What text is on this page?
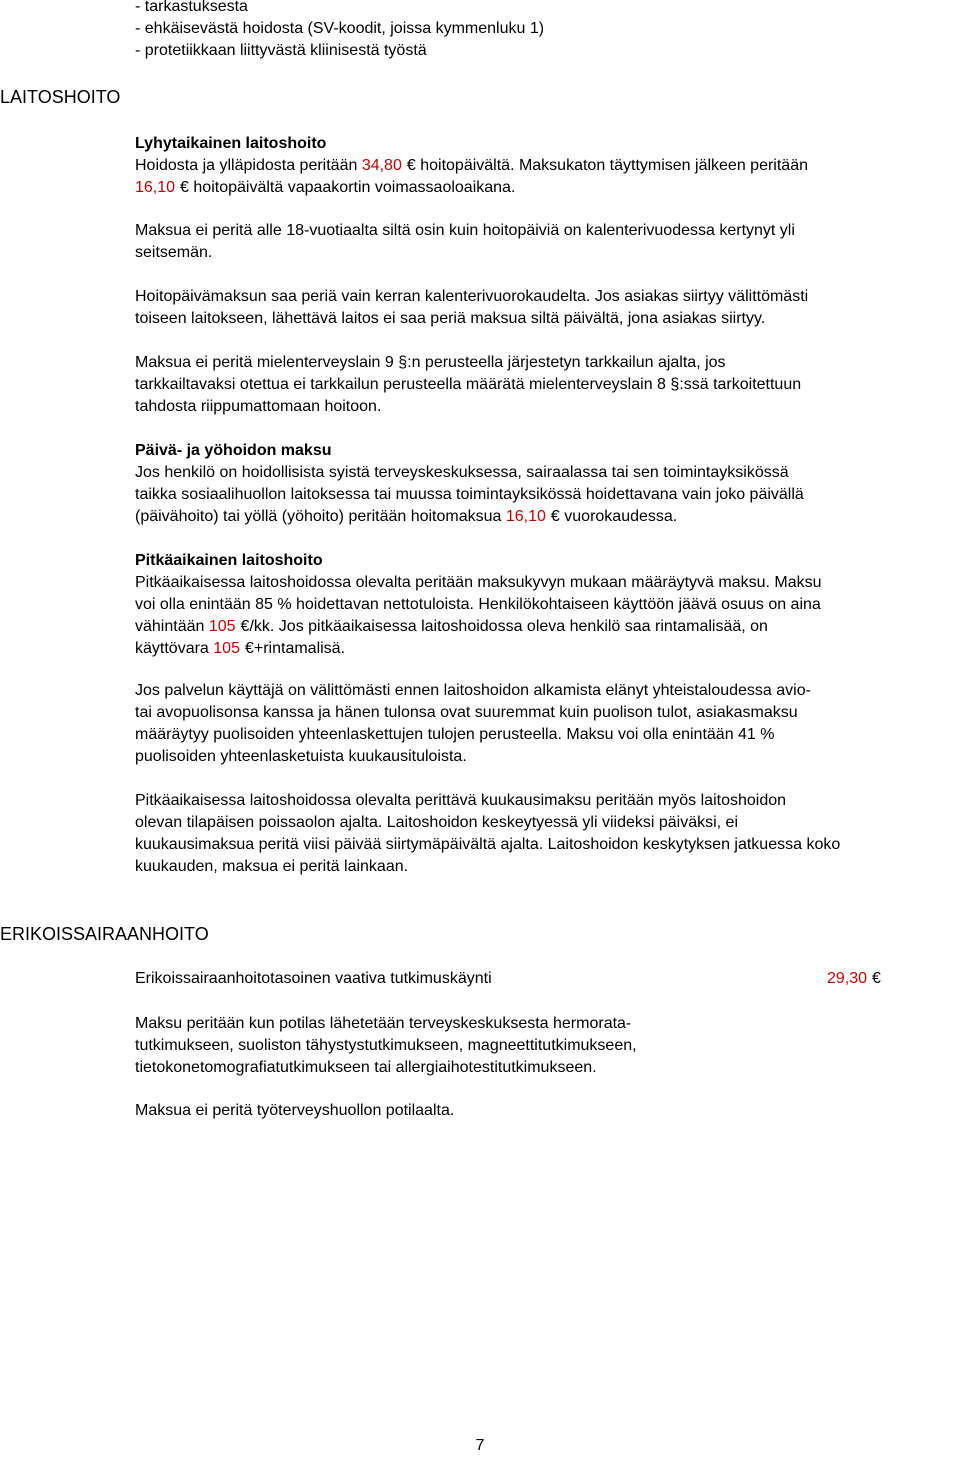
- tarkastuksesta
- ehkäisevästä hoidosta (SV-koodit, joissa kymmenluku 1)
- protetiikkaan liittyvästä kliinisestä työstä
LAITOSHOITO
Lyhytaikainen laitoshoito
Hoidosta ja ylläpidosta peritään 34,80 € hoitopäivältä. Maksukaton täyttymisen jälkeen peritään
16,10 € hoitopäivältä vapaakortin voimassaoloaikana.
Maksua ei peritä alle 18-vuotiaalta siltä osin kuin hoitopäiviä on kalenterivuodessa kertynyt yli
seitsemän.
Hoitopäivämaksun saa periä vain kerran kalenterivuorokaudelta. Jos asiakas siirtyy välittömästi
toiseen laitokseen, lähettävä laitos ei saa periä maksua siltä päivältä, jona asiakas siirtyy.
Maksua ei peritä mielenterveyslain 9 §:n perusteella järjestetyn tarkkailun ajalta, jos
tarkkailtavaksi otettua ei tarkkailun perusteella määrätä mielenterveyslain 8 §:ssä tarkoitettuun
tahdosta riippumattomaan hoitoon.
Päivä- ja yöhoidon maksu
Jos henkilö on hoidollisista syistä terveyskeskuksessa, sairaalassa tai sen toimintayksikössä
taikka sosiaalihuollon laitoksessa tai muussa toimintayksikössä hoidettavana vain joko päivällä
(päivähoito) tai yöllä (yöhoito) peritään hoitomaksua 16,10 € vuorokaudessa.
Pitkäaikainen laitoshoito
Pitkäaikaisessa laitoshoidossa olevalta peritään maksukyvyn mukaan määräytyvä maksu. Maksu
voi olla enintään 85 % hoidettavan nettotuloista. Henkilökohtaiseen käyttöön jäävä osuus on aina
vähintään 105 €/kk. Jos pitkäaikaisessa laitoshoidossa oleva henkilö saa rintamalisää, on
käyttövara 105 €+rintamalisä.
Jos palvelun käyttäjä on välittömästi ennen laitoshoidon alkamista elänyt yhteistaloudessa avio-
tai avopuolisonsa kanssa ja hänen tulonsa ovat suuremmat kuin puolison tulot, asiakasmaksu
määräytyy puolisoiden yhteenlaskettujen tulojen perusteella. Maksu voi olla enintään 41 %
puolisoiden yhteenlasketuista kuukausituloista.
Pitkäaikaisessa laitoshoidossa olevalta perittävä kuukausimaksu peritään myös laitoshoidon
olevan tilapäisen poissaolon ajalta. Laitoshoidon keskeytyessä yli viideksi päiväksi, ei
kuukausimaksua peritä viisi päivää siirtymäpäivältä ajalta. Laitoshoidon keskytyksen jatkuessa koko
kuukauden, maksua ei peritä lainkaan.
ERIKOISSAIRAANHOITO
Erikoissairaanhoitotasoinen vaativa tutkimuskäynti	29,30 €
Maksu peritään kun potilas lähetetään terveyskeskuksesta hermorata-
tutkimukseen, suoliston tähystystutkimukseen, magneettitutkimukseen,
tietokonetomografiatutkimukseen tai allergiaihotestitutkimukseen.
Maksua ei peritä työterveyshuollon potilaalta.
7
